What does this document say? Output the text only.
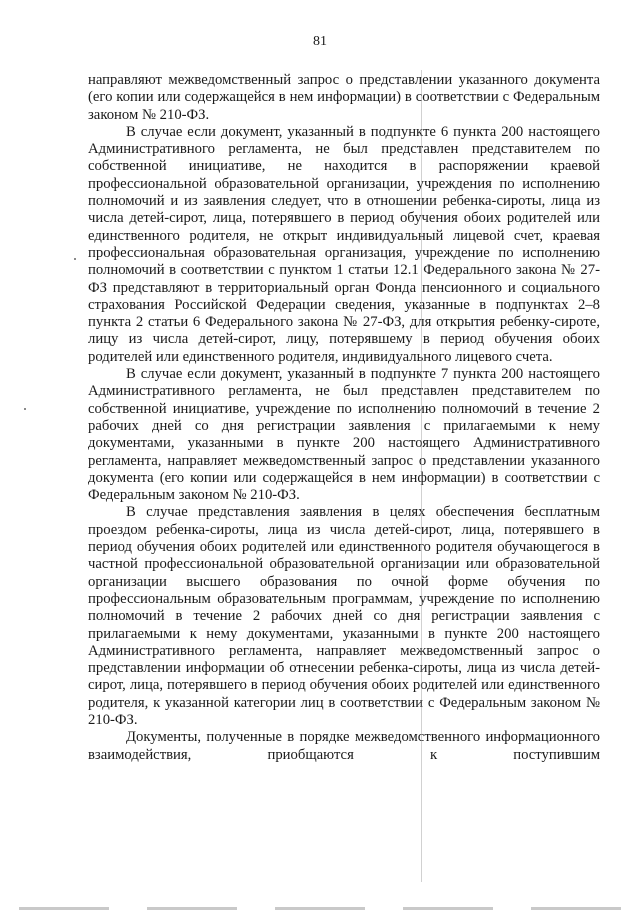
81

направляют межведомственный запрос о представлении указанного документа (его копии или содержащейся в нем информации) в соответствии с Федеральным законом № 210-ФЗ.

В случае если документ, указанный в подпункте 6 пункта 200 настоящего Административного регламента, не был представлен представителем по собственной инициативе, не находится в распоряжении краевой профессиональной образовательной организации, учреждения по исполнению полномочий и из заявления следует, что в отношении ребенка-сироты, лица из числа детей-сирот, лица, потерявшего в период обучения обоих родителей или единственного родителя, не открыт индивидуальный лицевой счет, краевая профессиональная образовательная организация, учреждение по исполнению полномочий в соответствии с пунктом 1 статьи 12.1 Федерального закона № 27-ФЗ представляют в территориальный орган Фонда пенсионного и социального страхования Российской Федерации сведения, указанные в подпунктах 2–8 пункта 2 статьи 6 Федерального закона № 27-ФЗ, для открытия ребенку-сироте, лицу из числа детей-сирот, лицу, потерявшему в период обучения обоих родителей или единственного родителя, индивидуального лицевого счета.

В случае если документ, указанный в подпункте 7 пункта 200 настоящего Административного регламента, не был представлен представителем по собственной инициативе, учреждение по исполнению полномочий в течение 2 рабочих дней со дня регистрации заявления с прилагаемыми к нему документами, указанными в пункте 200 настоящего Административного регламента, направляет межведомственный запрос о представлении указанного документа (его копии или содержащейся в нем информации) в соответствии с Федеральным законом № 210-ФЗ.

В случае представления заявления в целях обеспечения бесплатным проездом ребенка-сироты, лица из числа детей-сирот, лица, потерявшего в период обучения обоих родителей или единственного родителя обучающегося в частной профессиональной образовательной организации или образовательной организации высшего образования по очной форме обучения по профессиональным образовательным программам, учреждение по исполнению полномочий в течение 2 рабочих дней со дня регистрации заявления с прилагаемыми к нему документами, указанными в пункте 200 настоящего Административного регламента, направляет межведомственный запрос о представлении информации об отнесении ребенка-сироты, лица из числа детей-сирот, лица, потерявшего в период обучения обоих родителей или единственного родителя, к указанной категории лиц в соответствии с Федеральным законом № 210-ФЗ.

Документы, полученные в порядке межведомственного информационного взаимодействия, приобщаются к поступившим
